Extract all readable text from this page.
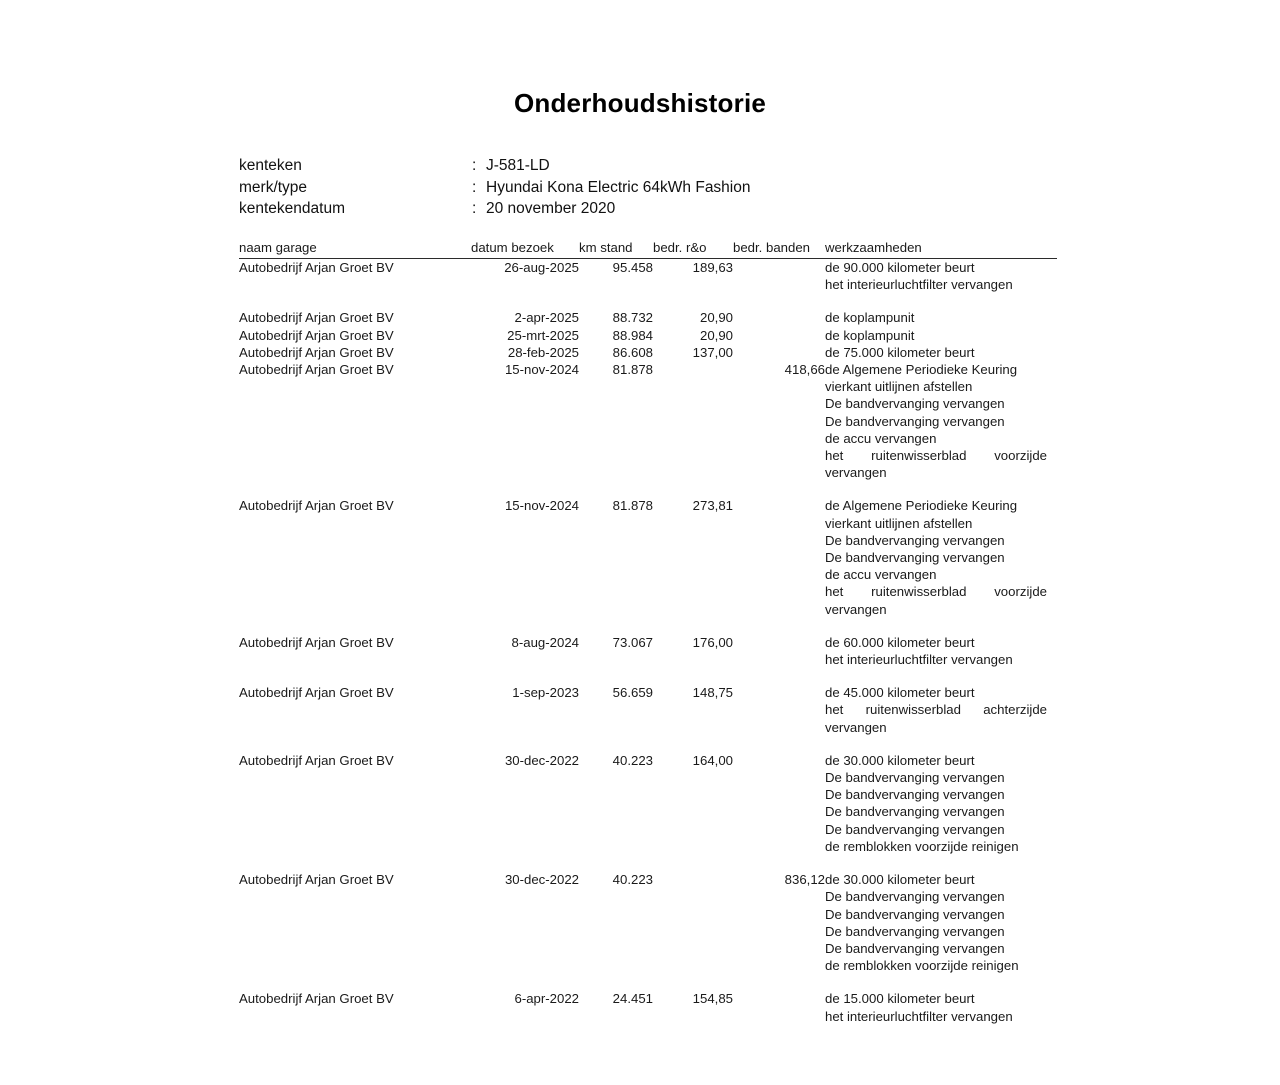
Onderhoudshistorie
kenteken	: J-581-LD
merk/type	: Hyundai Kona Electric 64kWh Fashion
kentekendatum	: 20 november 2020
naam garage	datum bezoek	km stand	bedr. r&o	bedr. banden	werkzaamheden
Autobedrijf Arjan Groet BV	26-aug-2025	95.458	189,63		de 90.000 kilometer beurt
het interieurluchtfilter vervangen

Autobedrijf Arjan Groet BV	2-apr-2025	88.732	20,90		de koplampunit

Autobedrijf Arjan Groet BV	25-mrt-2025	88.984	20,90		de koplampunit

Autobedrijf Arjan Groet BV	28-feb-2025	86.608	137,00		de 75.000 kilometer beurt

Autobedrijf Arjan Groet BV	15-nov-2024	81.878		418,66	de Algemene Periodieke Keuring
vierkant uitlijnen afstellen
De bandvervanging vervangen
De bandvervanging vervangen
de accu vervangen
het ruitenwisserblad voorzijde
vervangen

Autobedrijf Arjan Groet BV	15-nov-2024	81.878	273,81		de Algemene Periodieke Keuring
vierkant uitlijnen afstellen
De bandvervanging vervangen
De bandvervanging vervangen
de accu vervangen
het ruitenwisserblad voorzijde
vervangen

Autobedrijf Arjan Groet BV	8-aug-2024	73.067	176,00		de 60.000 kilometer beurt
het interieurluchtfilter vervangen

Autobedrijf Arjan Groet BV	1-sep-2023	56.659	148,75		de 45.000 kilometer beurt
het ruitenwisserblad achterzijde
vervangen

Autobedrijf Arjan Groet BV	30-dec-2022	40.223	164,00		de 30.000 kilometer beurt
De bandvervanging vervangen
De bandvervanging vervangen
De bandvervanging vervangen
De bandvervanging vervangen
de remblokken voorzijde reinigen

Autobedrijf Arjan Groet BV	30-dec-2022	40.223		836,12	de 30.000 kilometer beurt
De bandvervanging vervangen
De bandvervanging vervangen
De bandvervanging vervangen
De bandvervanging vervangen
de remblokken voorzijde reinigen

Autobedrijf Arjan Groet BV	6-apr-2022	24.451	154,85		de 15.000 kilometer beurt
het interieurluchtfilter vervangen
